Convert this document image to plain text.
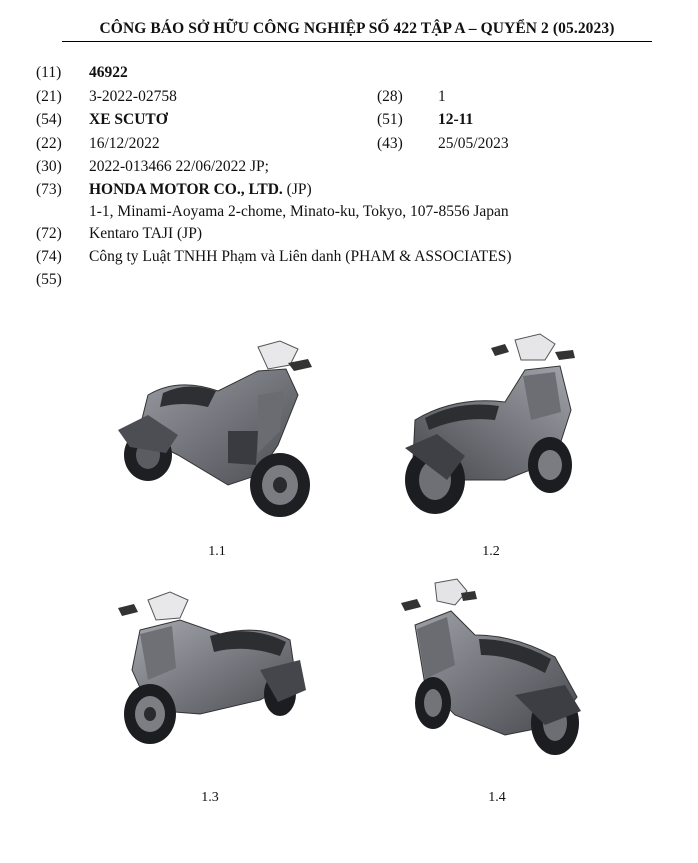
CÔNG BÁO SỞ HỮU CÔNG NGHIỆP SỐ 422 TẬP A – QUYỂN 2 (05.2023)
(11) 46922
(21) 3-2022-02758	(28) 1
(54) XE SCUTƠ	(51) 12-11
(22) 16/12/2022	(43) 25/05/2023
(30) 2022-013466 22/06/2022 JP;
(73) HONDA MOTOR CO., LTD. (JP)
1-1, Minami-Aoyama 2-chome, Minato-ku, Tokyo, 107-8556 Japan
(72) Kentaro TAJI (JP)
(74) Công ty Luật TNHH Phạm và Liên danh (PHAM & ASSOCIATES)
(55)
1.1	1.2
1.3	1.4
